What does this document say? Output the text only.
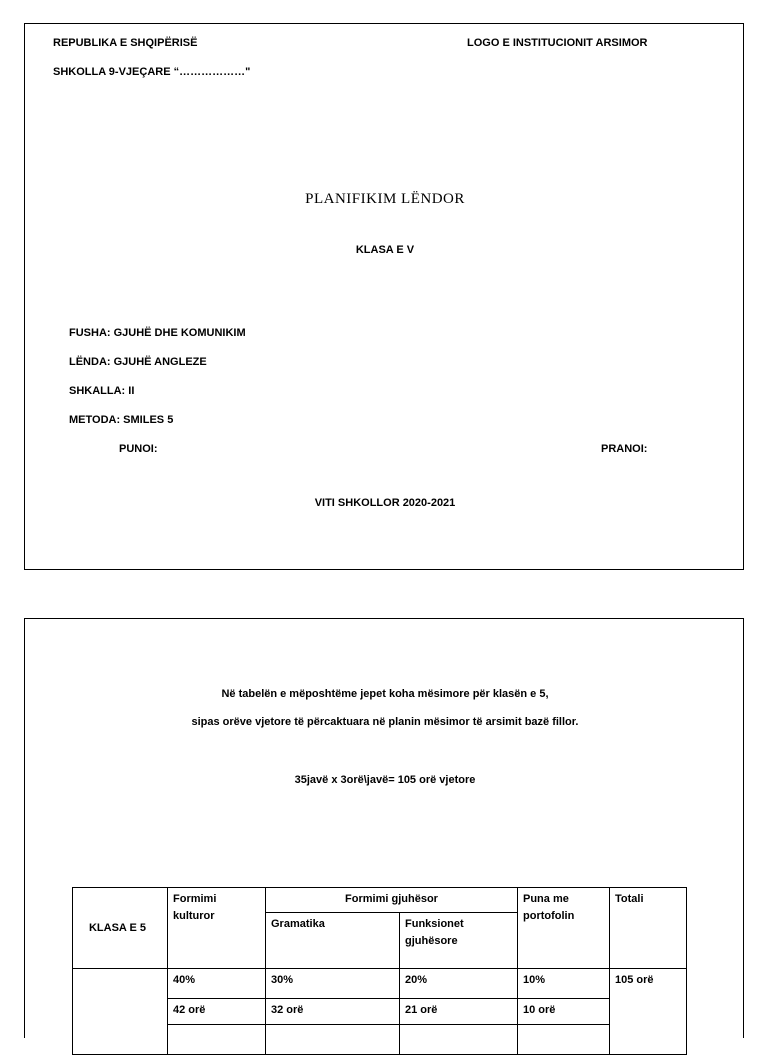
REPUBLIKA E SHQIPËRISË	LOGO E INSTITUCIONIT ARSIMOR
SHKOLLA 9-VJEÇARE “………………"
PLANIFIKIM LËNDOR
KLASA E V
FUSHA: GJUHË DHE KOMUNIKIM
LËNDA: GJUHË ANGLEZE
SHKALLA: II
METODA: SMILES 5
PUNOI:	PRANOI:
VITI SHKOLLOR 2020-2021
Në tabelën e mëposhtëme jepet koha mësimore për klasën e 5,
sipas orëve vjetore të përcaktuara në planin mësimor të arsimit bazë fillor.
35javë x 3orë\javë= 105 orë vjetore
KLASA E 5	Formimi kulturor	Formimi gjuhësor		Puna me portofolin	Totali
		Gramatika	Funksionet gjuhësore		
	40%	30%	20%	10%	105 orë
	42 orë	32 orë	21 orë	10 orë	
